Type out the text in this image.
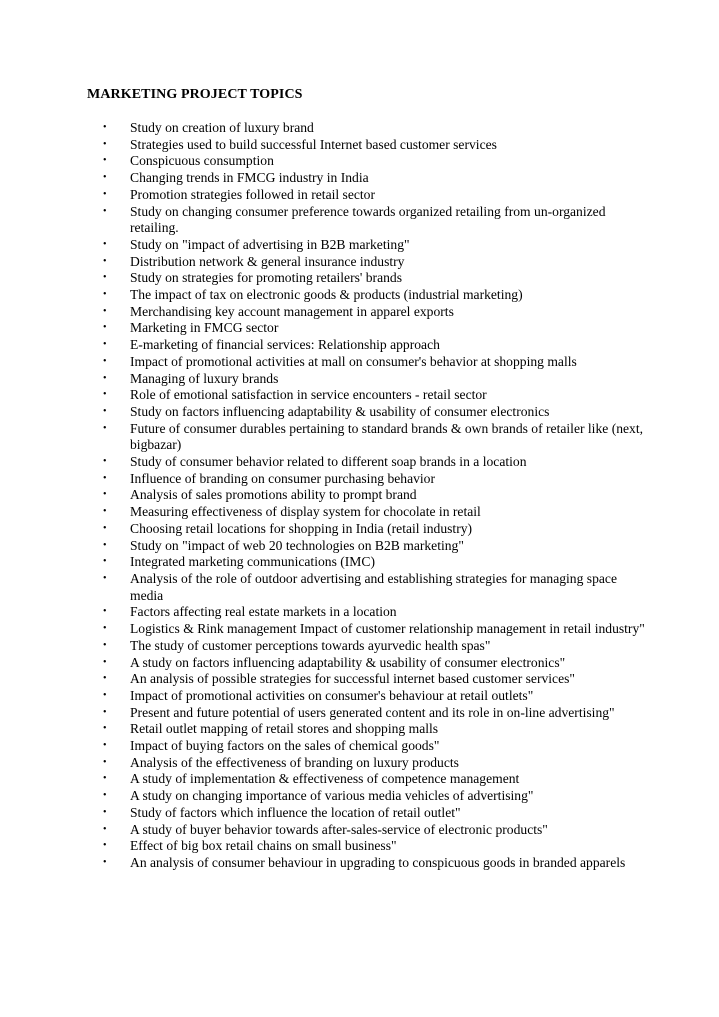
MARKETING PROJECT TOPICS
• Study on creation of luxury brand
• Strategies used to build successful Internet based customer services
• Conspicuous consumption
• Changing trends in FMCG industry in India
• Promotion strategies followed in retail sector
• Study on changing consumer preference towards organized retailing from un-organized retailing.
• Study on "impact of advertising in B2B marketing"
• Distribution network & general insurance industry
• Study on strategies for promoting retailers' brands
• The impact of tax on electronic goods & products (industrial marketing)
• Merchandising key account management in apparel exports
• Marketing in FMCG sector
• E-marketing of financial services: Relationship approach
• Impact of promotional activities at mall on consumer's behavior at shopping malls
• Managing of luxury brands
• Role of emotional satisfaction in service encounters - retail sector
• Study on factors influencing adaptability & usability of consumer electronics
• Future of consumer durables pertaining to standard brands & own brands of retailer like (next, bigbazar)
• Study of consumer behavior related to different soap brands in a location
• Influence of branding on consumer purchasing behavior
• Analysis of sales promotions ability to prompt brand
• Measuring effectiveness of display system for chocolate in retail
• Choosing retail locations for shopping in India (retail industry)
• Study on "impact of web 20 technologies on B2B marketing"
• Integrated marketing communications (IMC)
• Analysis of the role of outdoor advertising and establishing strategies for managing space media
• Factors affecting real estate markets in a location
• Logistics & Rink management Impact of customer relationship management in retail industry"
• The study of customer perceptions towards ayurvedic health spas"
• A study on factors influencing adaptability & usability of consumer electronics"
• An analysis of possible strategies for successful internet based customer services"
• Impact of promotional activities on consumer's behaviour at retail outlets"
• Present and future potential of users generated content and its role in on-line advertising"
• Retail outlet mapping of retail stores and shopping malls
• Impact of buying factors on the sales of chemical goods"
• Analysis of the effectiveness of branding on luxury products
• A study of implementation & effectiveness of competence management
• A study on changing importance of various media vehicles of advertising"
• Study of factors which influence the location of retail outlet"
• A study of buyer behavior towards after-sales-service of electronic products"
• Effect of big box retail chains on small business"
• An analysis of consumer behaviour in upgrading to conspicuous goods in branded apparels
